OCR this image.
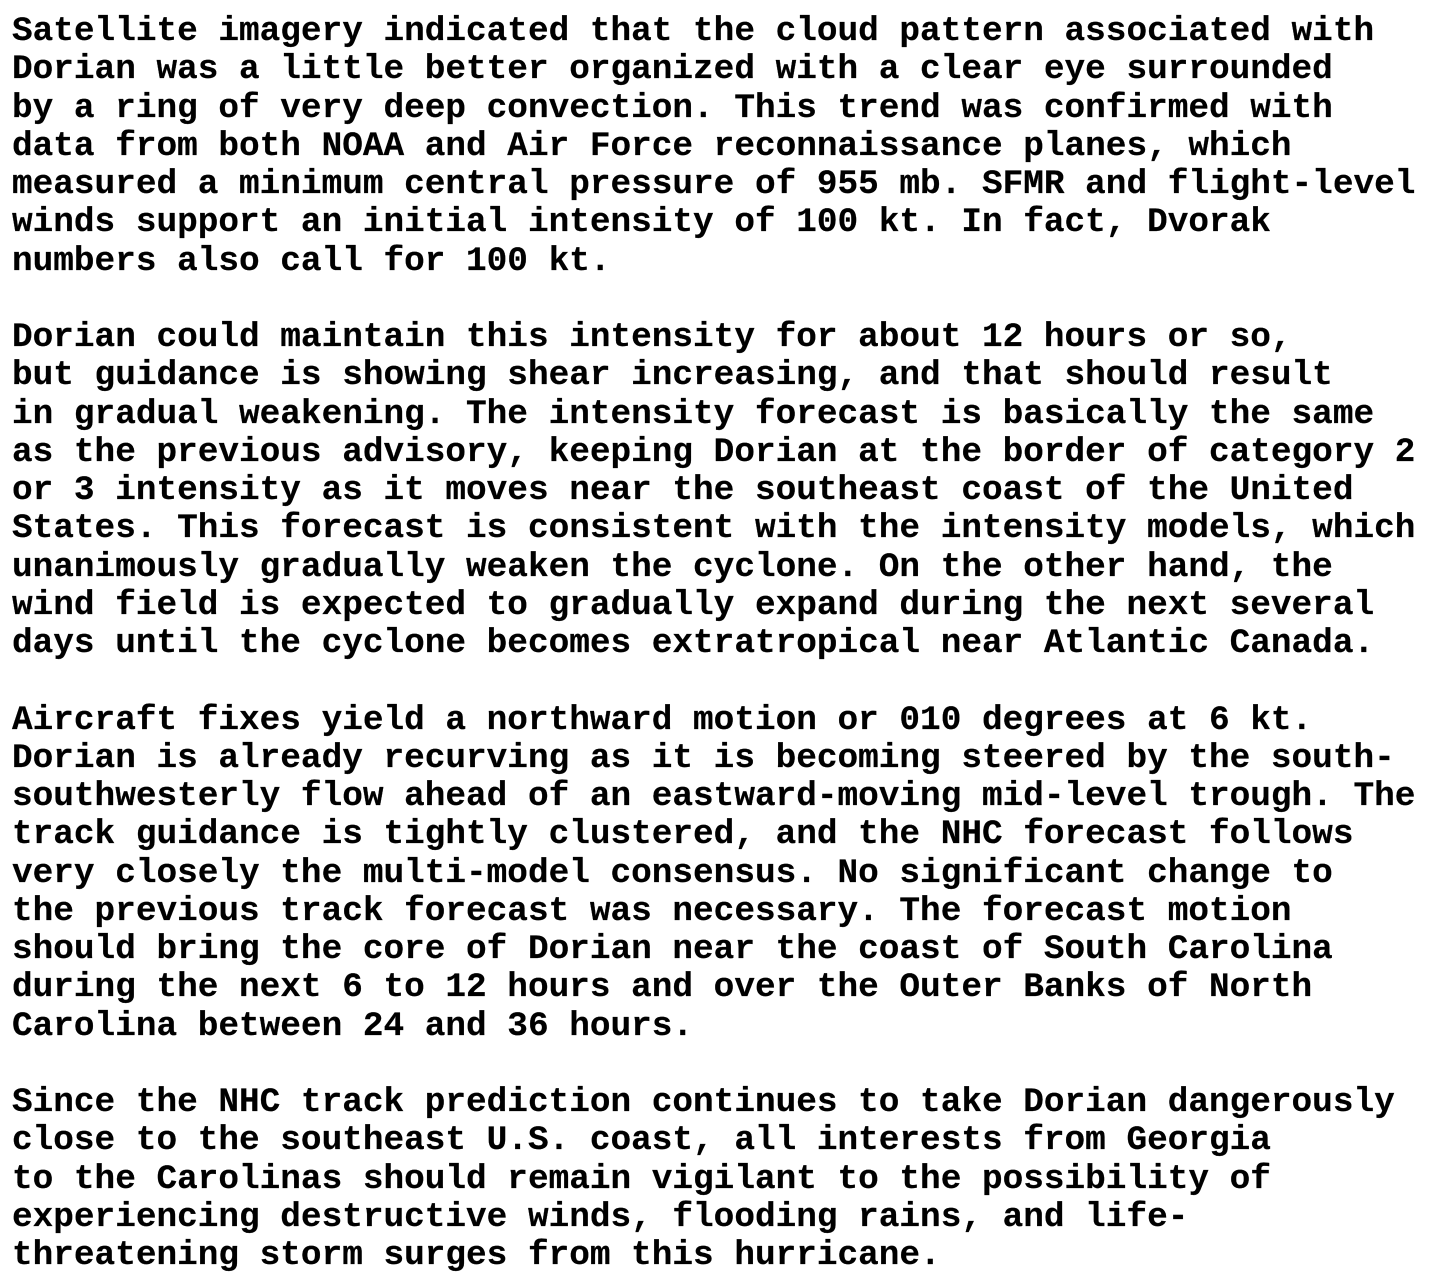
Satellite imagery indicated that the cloud pattern associated with
Dorian was a little better organized with a clear eye surrounded
by a ring of very deep convection. This trend was confirmed with
data from both NOAA and Air Force reconnaissance planes, which
measured a minimum central pressure of 955 mb. SFMR and flight-level
winds support an initial intensity of 100 kt. In fact, Dvorak
numbers also call for 100 kt.
Dorian could maintain this intensity for about 12 hours or so,
but guidance is showing shear increasing, and that should result
in gradual weakening. The intensity forecast is basically the same
as the previous advisory, keeping Dorian at the border of category 2
or 3 intensity as it moves near the southeast coast of the United
States. This forecast is consistent with the intensity models, which
unanimously gradually weaken the cyclone. On the other hand, the
wind field is expected to gradually expand during the next several
days until the cyclone becomes extratropical near Atlantic Canada.
Aircraft fixes yield a northward motion or 010 degrees at 6 kt.
Dorian is already recurving as it is becoming steered by the south-
southwesterly flow ahead of an eastward-moving mid-level trough. The
track guidance is tightly clustered, and the NHC forecast follows
very closely the multi-model consensus. No significant change to
the previous track forecast was necessary. The forecast motion
should bring the core of Dorian near the coast of South Carolina
during the next 6 to 12 hours and over the Outer Banks of North
Carolina between 24 and 36 hours.
Since the NHC track prediction continues to take Dorian dangerously
close to the southeast U.S. coast, all interests from Georgia
to the Carolinas should remain vigilant to the possibility of
experiencing destructive winds, flooding rains, and life-
threatening storm surges from this hurricane.
